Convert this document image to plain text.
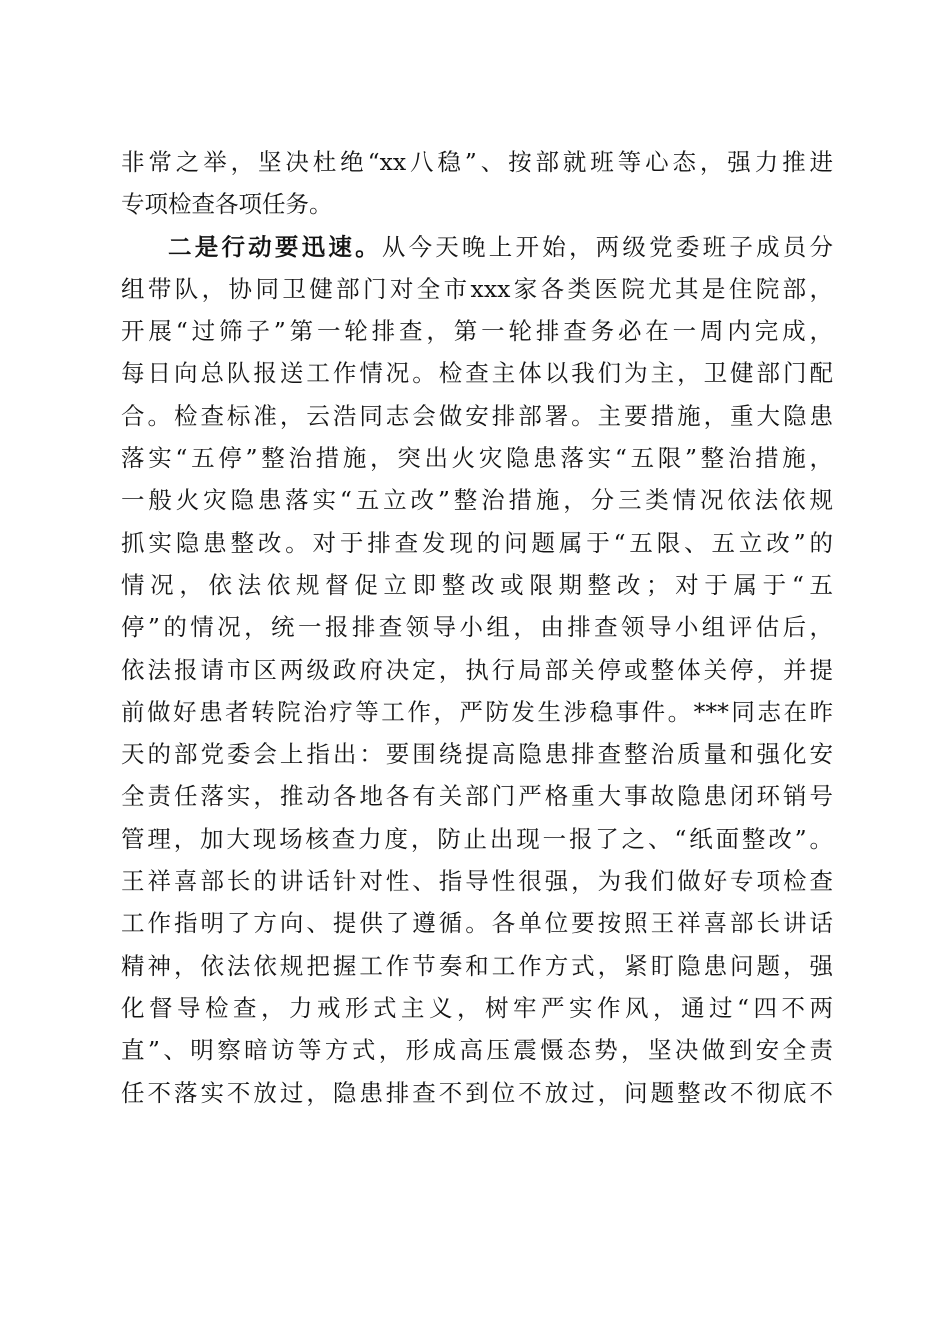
非常之举，坚决杜绝“xx八稳”、按部就班等心态，强力推进
专项检查各项任务。
二是行动要迅速。从今天晚上开始，两级党委班子成员分
组带队，协同卫健部门对全市xxx家各类医院尤其是住院部，
开展“过筛子”第一轮排查，第一轮排查务必在一周内完成，
每日向总队报送工作情况。检查主体以我们为主，卫健部门配
合。检查标准，云浩同志会做安排部署。主要措施，重大隐患
落实“五停”整治措施，突出火灾隐患落实“五限”整治措施，
一般火灾隐患落实“五立改”整治措施，分三类情况依法依规
抓实隐患整改。对于排查发现的问题属于“五限、五立改”的
情况，依法依规督促立即整改或限期整改；对于属于“五
停”的情况，统一报排查领导小组，由排查领导小组评估后，
依法报请市区两级政府决定，执行局部关停或整体关停，并提
前做好患者转院治疗等工作，严防发生涉稳事件。***同志在昨
天的部党委会上指出：要围绕提高隐患排查整治质量和强化安
全责任落实，推动各地各有关部门严格重大事故隐患闭环销号
管理，加大现场核查力度，防止出现一报了之、“纸面整改”。
王祥喜部长的讲话针对性、指导性很强，为我们做好专项检查
工作指明了方向、提供了遵循。各单位要按照王祥喜部长讲话
精神，依法依规把握工作节奏和工作方式，紧盯隐患问题，强
化督导检查，力戒形式主义，树牢严实作风，通过“四不两
直”、明察暗访等方式，形成高压震慑态势，坚决做到安全责
任不落实不放过，隐患排查不到位不放过，问题整改不彻底不
